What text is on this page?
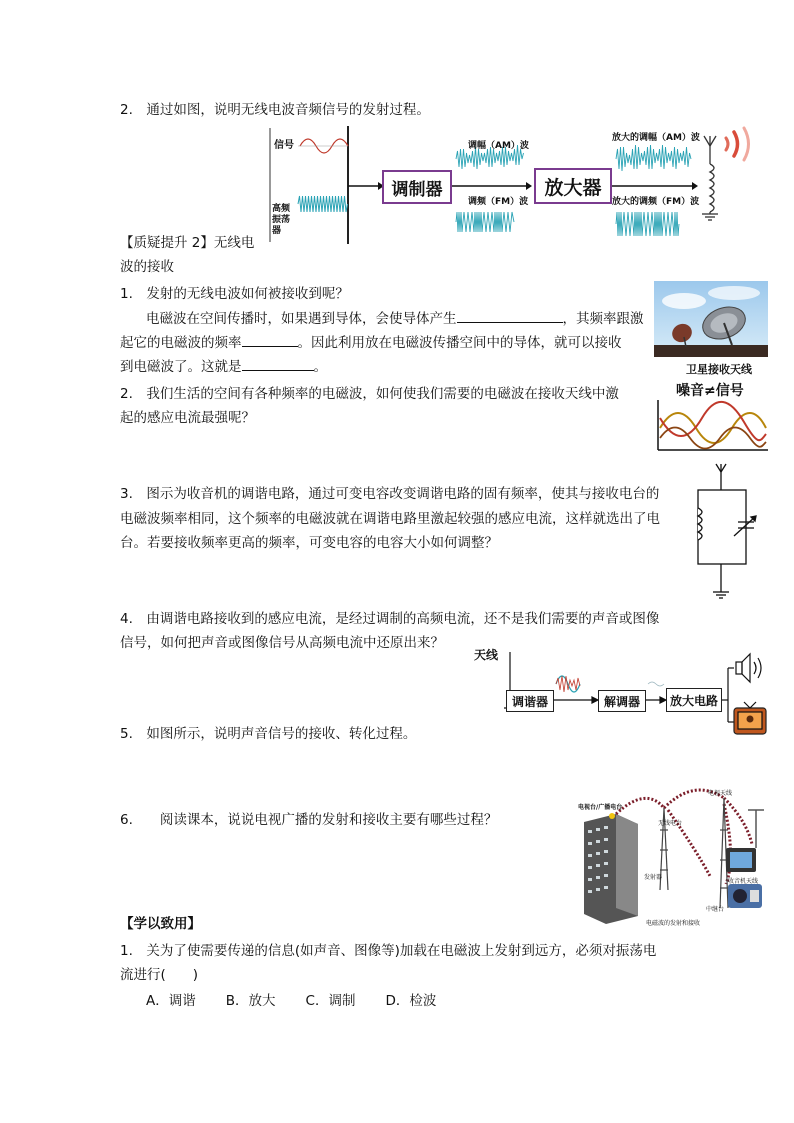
2.　通过如图，说明无线电波音频信号的发射过程。
信号
高频振荡器
调制器	放大器
调幅（AM）波
调频（FM）波
放大的调幅（AM）波
放大的调频（FM）波
【质疑提升 2】无线电
波的接收
1.　发射的无线电波如何被接收到呢？
电磁波在空间传播时，如果遇到导体，会使导体产生	，其频率跟激
起它的电磁波的频率	。因此利用放在电磁波传播空间中的导体，就可以接收
到电磁波了。这就是	。	卫星接收天线
2.　我们生活的空间有各种频率的电磁波，如何使我们需要的电磁波在接收天线中激
起的感应电流最强呢？
噪音≠信号
3.　图示为收音机的调谐电路，通过可变电容改变调谐电路的固有频率，使其与接收电台的
电磁波频率相同，这个频率的电磁波就在调谐电路里激起较强的感应电流，这样就选出了电
台。若要接收频率更高的频率，可变电容的电容大小如何调整？
4.　由调谐电路接收到的感应电流，是经过调制的高频电流，还不是我们需要的声音或图像
信号，如何把声音或图像信号从高频电流中还原出来？
天线
调谐器	解调器	放大电路
5.　如图所示，说明声音信号的接收、转化过程。
6.　　阅读课本，说说电视广播的发射和接收主要有哪些过程？
电视台/广播电台
电视天线
无线电台
发射器
收音机天线
中继台
电磁波的发射和接收
【学以致用】
1.　关为了使需要传递的信息(如声音、图像等)加载在电磁波上发射到远方，必须对振荡电
流进行(　　)
A．调谐 B．放大 C．调制 D．检波
